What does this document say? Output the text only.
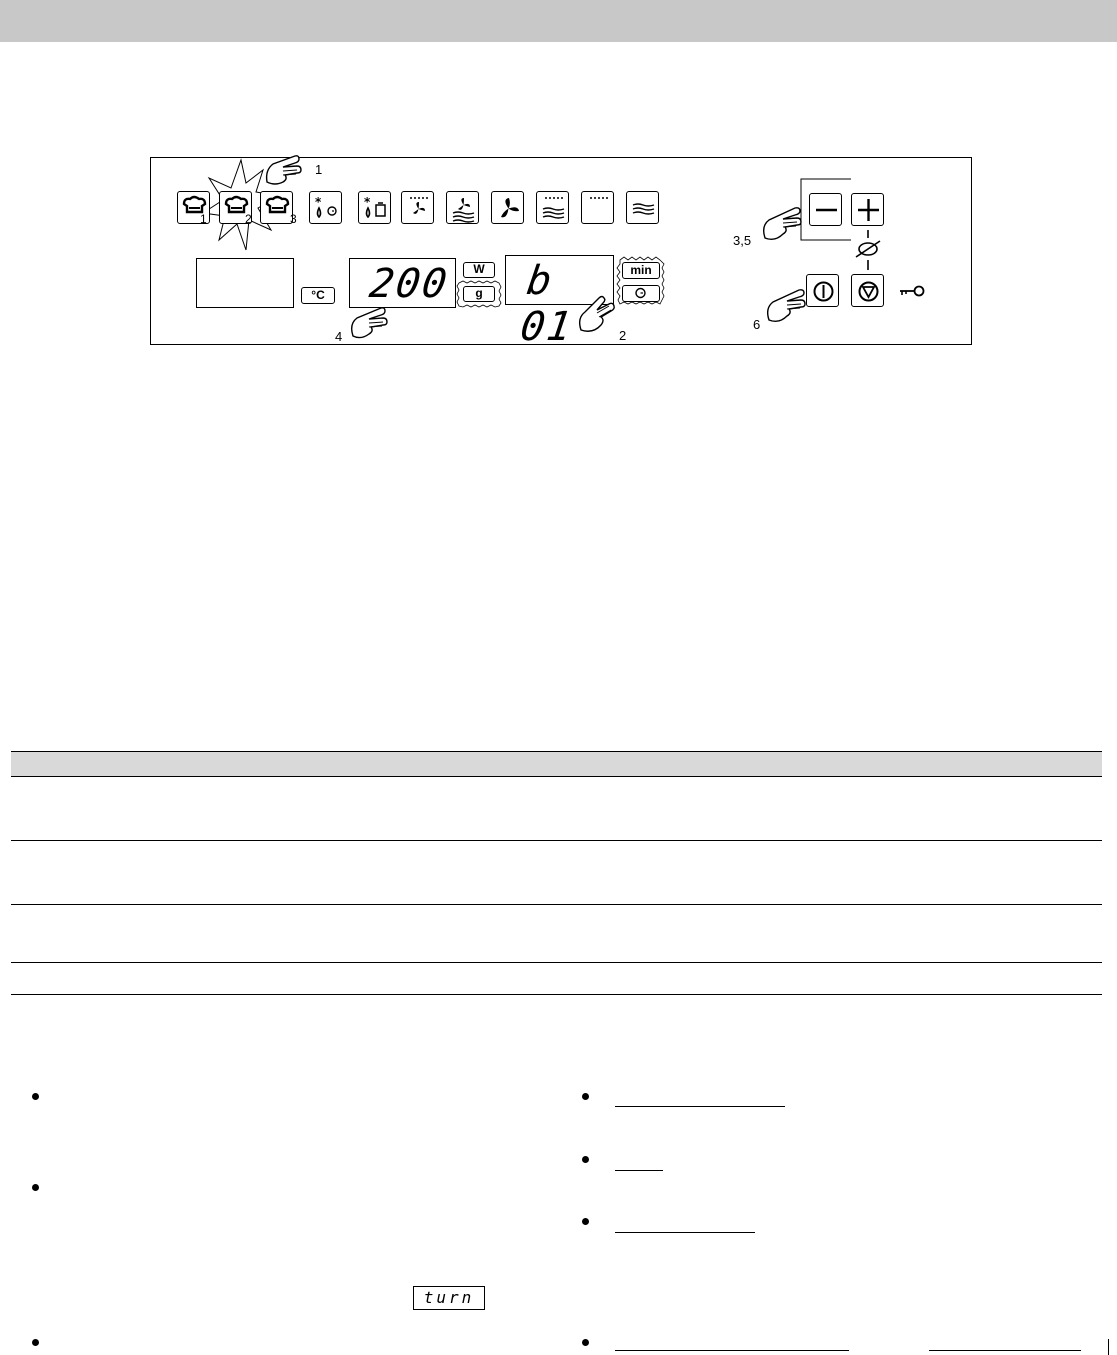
1	2	3
*	*
1
°C 200	W
g
4
b 01
min
2
3,5
6
turn
